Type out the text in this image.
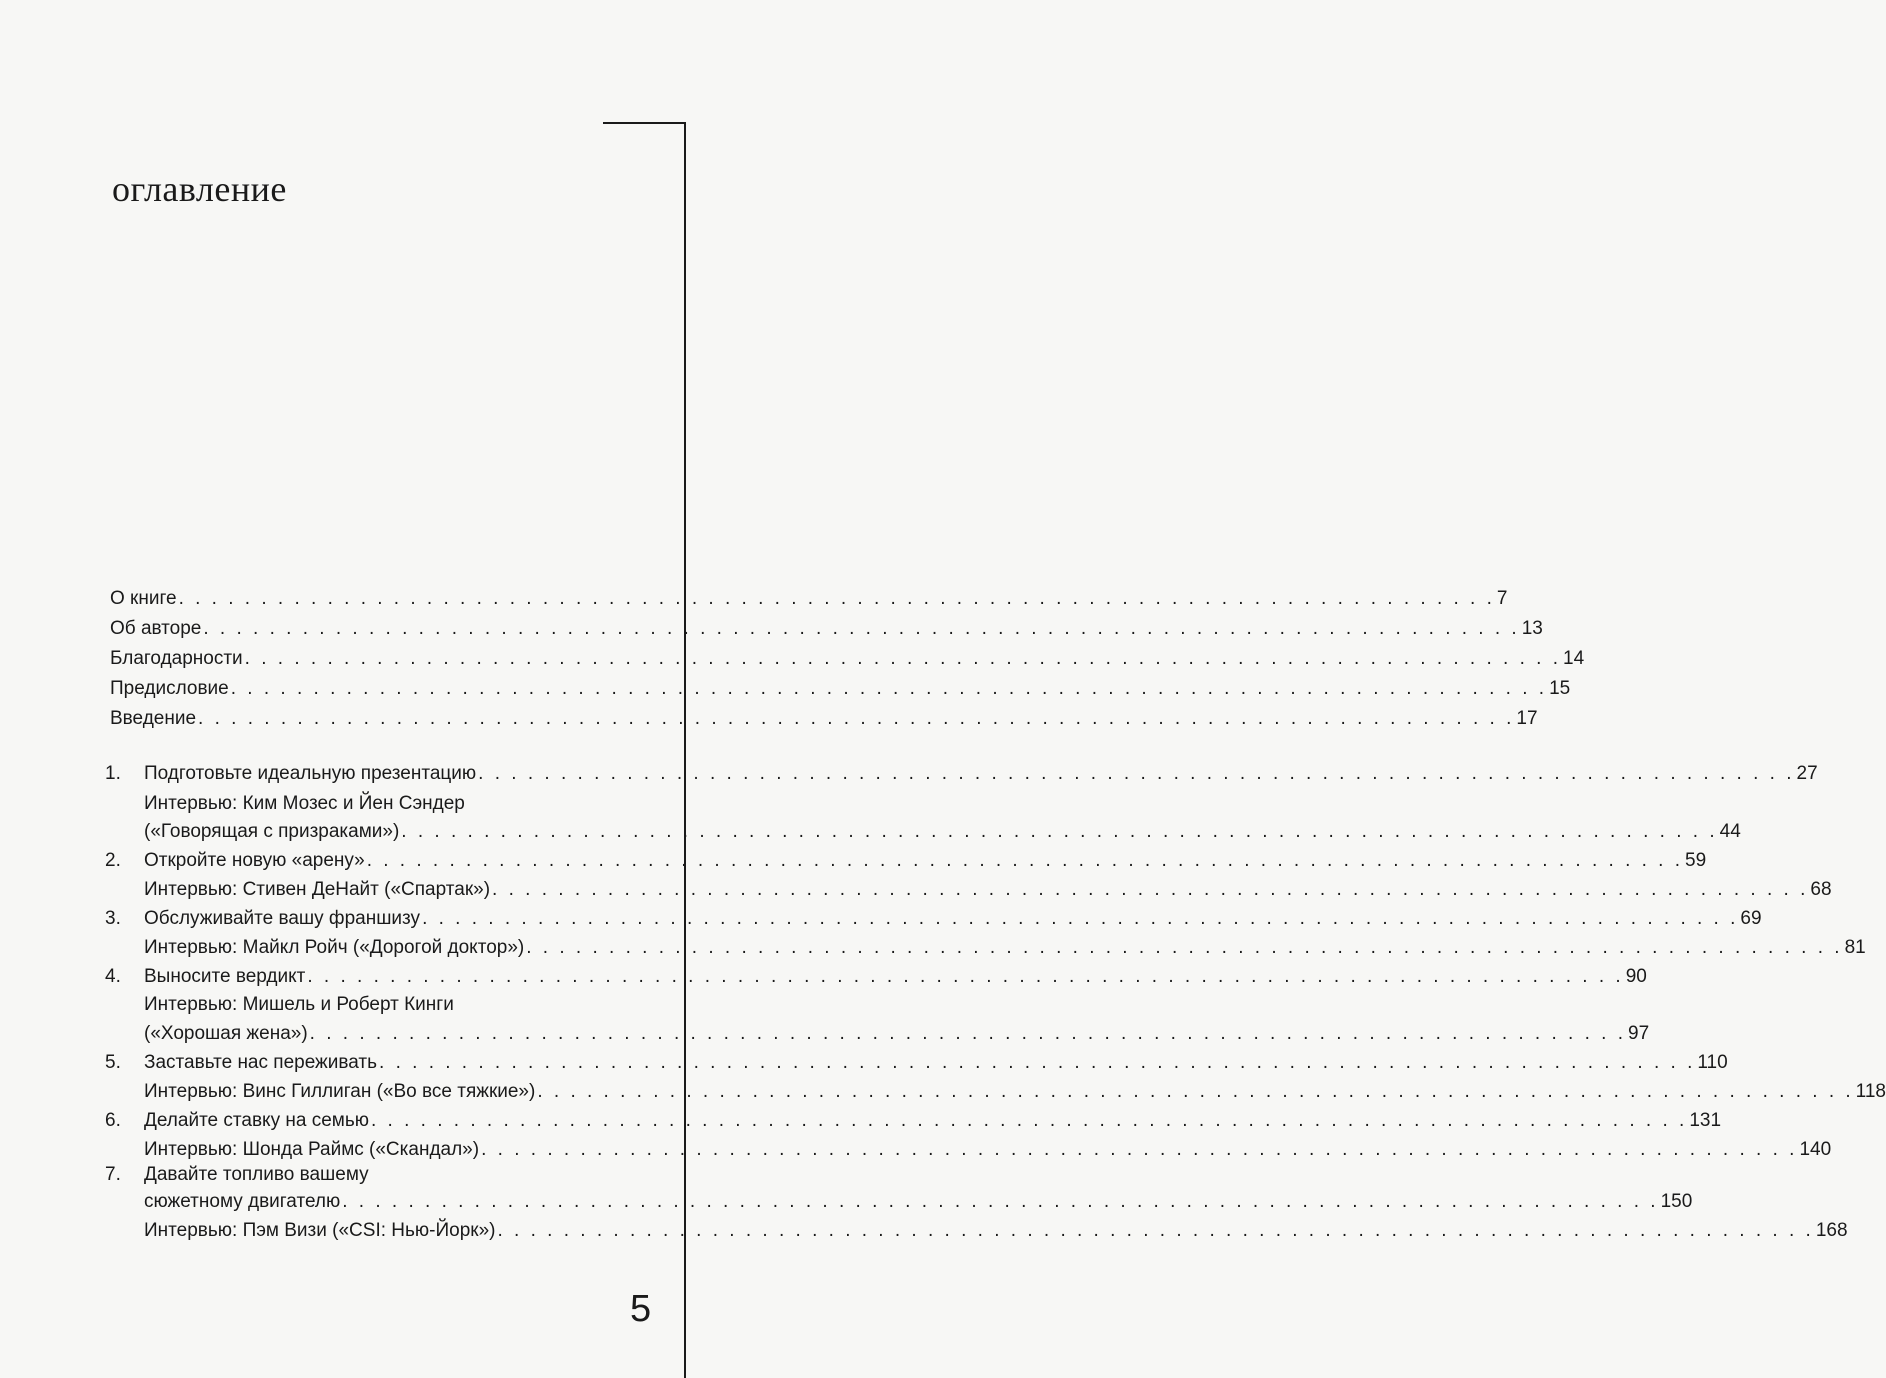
оглавление
О книге . . . . . . . . . . . . . . . . . . . . . . . . . . . . . . . . . . . . . . . . . . . . . . . . . . . . . . . . . . . . . . . . . . . . . . . . . . . . . . . . 7
Об авторе . . . . . . . . . . . . . . . . . . . . . . . . . . . . . . . . . . . . . . . . . . . . . . . . . . . . . . . . . . . . . . . . . . . . . . . . . . . . . . . . 13
Благодарности . . . . . . . . . . . . . . . . . . . . . . . . . . . . . . . . . . . . . . . . . . . . . . . . . . . . . . . . . . . . . . . . . . . . . . . . . . . . . . . . 14
Предисловие . . . . . . . . . . . . . . . . . . . . . . . . . . . . . . . . . . . . . . . . . . . . . . . . . . . . . . . . . . . . . . . . . . . . . . . . . . . . . . . . 15
Введение . . . . . . . . . . . . . . . . . . . . . . . . . . . . . . . . . . . . . . . . . . . . . . . . . . . . . . . . . . . . . . . . . . . . . . . . . . . . . . . . 17
Подготовьте идеальную презентацию . . . . . . . . . . . . . . . . . . . . . . . . . . . . . . . . . . . . . . . . . . . . . . . . . . . . . . . . . . . . . . . . . . . . . . . . . . . . . . . . 27
1.
Интервью: Ким Мозес и Йен Сэндер
(«Говорящая с призраками») . . . . . . . . . . . . . . . . . . . . . . . . . . . . . . . . . . . . . . . . . . . . . . . . . . . . . . . . . . . . . . . . . . . . . . . . . . . . . . . . 44
Откройте новую «арену» . . . . . . . . . . . . . . . . . . . . . . . . . . . . . . . . . . . . . . . . . . . . . . . . . . . . . . . . . . . . . . . . . . . . . . . . . . . . . . . . 59
2.
Интервью: Стивен ДеНайт («Спартак») . . . . . . . . . . . . . . . . . . . . . . . . . . . . . . . . . . . . . . . . . . . . . . . . . . . . . . . . . . . . . . . . . . . . . . . . . . . . . . . . 68
Обслуживайте вашу франшизу . . . . . . . . . . . . . . . . . . . . . . . . . . . . . . . . . . . . . . . . . . . . . . . . . . . . . . . . . . . . . . . . . . . . . . . . . . . . . . . . 69
3.
Интервью: Майкл Ройч («Дорогой доктор») . . . . . . . . . . . . . . . . . . . . . . . . . . . . . . . . . . . . . . . . . . . . . . . . . . . . . . . . . . . . . . . . . . . . . . . . . . . . . . . . 81
Выносите вердикт . . . . . . . . . . . . . . . . . . . . . . . . . . . . . . . . . . . . . . . . . . . . . . . . . . . . . . . . . . . . . . . . . . . . . . . . . . . . . . . . 90
4.
Интервью: Мишель и Роберт Кинги
(«Хорошая жена») . . . . . . . . . . . . . . . . . . . . . . . . . . . . . . . . . . . . . . . . . . . . . . . . . . . . . . . . . . . . . . . . . . . . . . . . . . . . . . . . 97
Заставьте нас переживать . . . . . . . . . . . . . . . . . . . . . . . . . . . . . . . . . . . . . . . . . . . . . . . . . . . . . . . . . . . . . . . . . . . . . . . . . . . . . . . . 110
5.
Интервью: Винс Гиллиган («Во все тяжкие») . . . . . . . . . . . . . . . . . . . . . . . . . . . . . . . . . . . . . . . . . . . . . . . . . . . . . . . . . . . . . . . . . . . . . . . . . . . . . . . . 118
Делайте ставку на семью . . . . . . . . . . . . . . . . . . . . . . . . . . . . . . . . . . . . . . . . . . . . . . . . . . . . . . . . . . . . . . . . . . . . . . . . . . . . . . . . 131
6.
Интервью: Шонда Раймс («Скандал») . . . . . . . . . . . . . . . . . . . . . . . . . . . . . . . . . . . . . . . . . . . . . . . . . . . . . . . . . . . . . . . . . . . . . . . . . . . . . . . . 140
Давайте топливо вашему
7.
сюжетному двигателю . . . . . . . . . . . . . . . . . . . . . . . . . . . . . . . . . . . . . . . . . . . . . . . . . . . . . . . . . . . . . . . . . . . . . . . . . . . . . . . . 150
Интервью: Пэм Визи («CSI: Нью-Йорк») . . . . . . . . . . . . . . . . . . . . . . . . . . . . . . . . . . . . . . . . . . . . . . . . . . . . . . . . . . . . . . . . . . . . . . . . . . . . . . . . 168
5
